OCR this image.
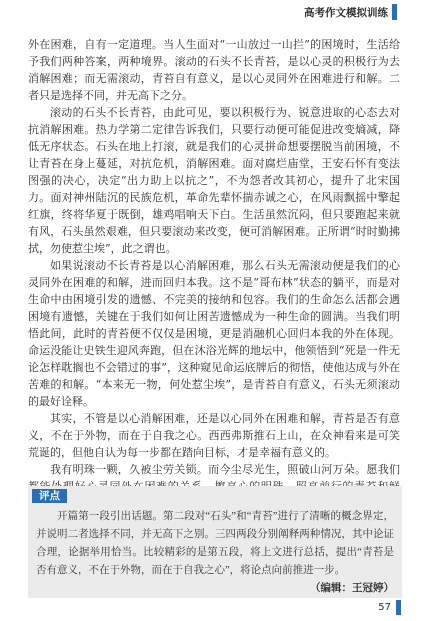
高考作文模拟训练

外在困难，自有一定道理。当人生面对“一山放过一山拦”的困境时，生活给予我们两种答案，两种境界。滚动的石头不长青苔，是以心灵的积极行为去消解困难；而无需滚动，青苔自有意义，是以心灵同外在困难进行和解。二者只是选择不同，并无高下之分。

滚动的石头不长青苔，由此可见，要以积极行为、锐意进取的心态去对抗消解困难。热力学第二定律告诉我们，只要行动便可能促进改变熵减，降低无序状态。石头在地上打滚，就是我们的心灵拼命想要摆脱当前困境，不让青苔在身上蔓延，对抗危机，消解困难。面对腐烂庙堂，王安石怀有变法图强的决心，决定“出力助上以抗之”，不为怨者改其初心，提升了北宋国力。面对神州陆沉的民族危机，革命先辈怀揣赤诚之心，在风雨飘摇中擎起红旗，终将华夏于既倒，雄鸡唱响天下白。生活虽然沉闷，但只要跑起来就有风，石头虽然艰难，但只要滚动来改变，便可消解困难。正所谓“时时勤拂拭，勿使惹尘埃”，此之谓也。

如果说滚动不长青苔是以心消解困难，那么石头无需滚动便是我们的心灵同外在困难的和解，进而回归本我。这不是“哥布林”状态的躺平，而是对生命中由困境引发的遗憾、不完美的接纳和包容。我们的生命怎么活都会遇困境有遗憾，关键在于我们如何让困苦遗憾成为一种生命的圆满。当我们明悟此间，此时的青苔便不仅仅是困境，更是消融机心回归本我的外在体现。命运没能让史铁生迎风奔跑，但在沐浴光辉的地坛中，他领悟到“死是一件无论怎样耽搁也不会错过的事”，这种窥见命运底牌后的彻悟，使他达成与外在苦难的和解。“本来无一物，何处惹尘埃”，是青苔自有意义，石头无须滚动的最好诠释。

其实，不管是以心消解困难，还是以心同外在困难和解，青苔是否有意义，不在于外物，而在于自我之心。西西弗斯推石上山，在众神看来是可笑荒诞的，但他自认为每一步都在踏向目标，才是幸福有意义的。

我有明珠一颗，久被尘劳关锁。而今尘尽光生，照破山河万朵。愿我们

评点

开篇第一段引出话题。第二段对“石头”和“青苔”进行了清晰的概念界定，并说明二者选择不同，并无高下之别。三四两段分别阐释两种情况，其中论证合理，论据举用恰当。比较精彩的是第五段，将上文进行总括，提出“青苔是否有意义，不在于外物，而在于自我之心”，将论点向前推进一步。

（编辑：王冠婷）

57
